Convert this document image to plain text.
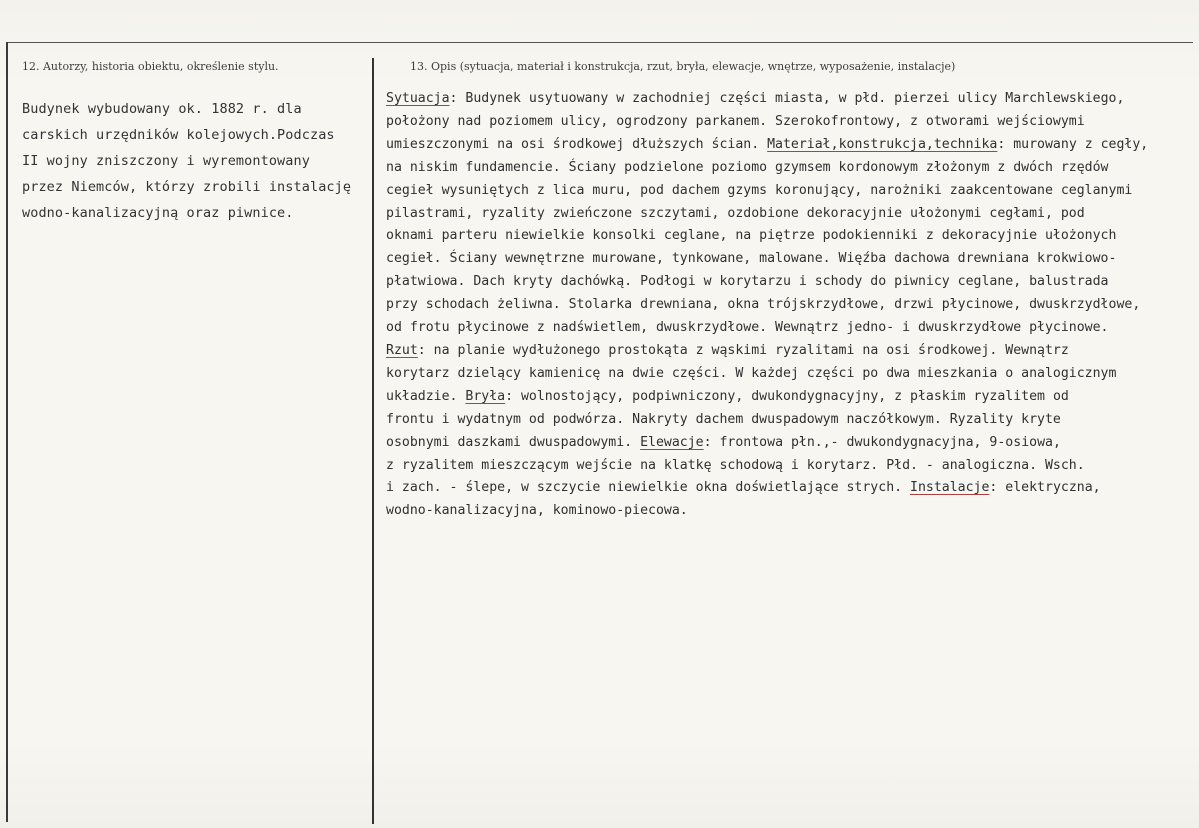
12. Autorzy, historia obiektu, określenie stylu.	13. Opis (sytuacja, materiał i konstrukcja, rzut, bryła, elewacje, wnętrze, wyposażenie, instalacje)
Budynek wybudowany ok. 1882 r. dla
carskich urzędników kolejowych.Podczas
II wojny zniszczony i wyremontowany
przez Niemców, którzy zrobili instalację
wodno-kanalizacyjną oraz piwnice.
Sytuacja: Budynek usytuowany w zachodniej części miasta, w płd. pierzei ulicy Marchlewskiego,
położony nad poziomem ulicy, ogrodzony parkanem. Szerokofrontowy, z otworami wejściowymi
umieszczonymi na osi środkowej dłuższych ścian. Materiał,konstrukcja,technika: murowany z cegły,
na niskim fundamencie. Ściany podzielone poziomo gzymsem kordonowym złożonym z dwóch rzędów
cegieł wysuniętych z lica muru, pod dachem gzyms koronujący, narożniki zaakcentowane ceglanymi
pilastrami, ryzality zwieńczone szczytami, ozdobione dekoracyjnie ułożonymi cegłami, pod
oknami parteru niewielkie konsolki ceglane, na piętrze podokienniki z dekoracyjnie ułożonych
cegieł. Ściany wewnętrzne murowane, tynkowane, malowane. Więźba dachowa drewniana krokwiowo-
płatwiowa. Dach kryty dachówką. Podłogi w korytarzu i schody do piwnicy ceglane, balustrada
przy schodach żeliwna. Stolarka drewniana, okna trójskrzydłowe, drzwi płycinowe, dwuskrzydłowe,
od frotu płycinowe z nadświetlem, dwuskrzydłowe. Wewnątrz jedno- i dwuskrzydłowe płycinowe.
Rzut: na planie wydłużonego prostokąta z wąskimi ryzalitami na osi środkowej. Wewnątrz
korytarz dzielący kamienicę na dwie części. W każdej części po dwa mieszkania o analogicznym
układzie. Bryła: wolnostojący, podpiwniczony, dwukondygnacyjny, z płaskim ryzalitem od
frontu i wydatnym od podwórza. Nakryty dachem dwuspadowym naczółkowym. Ryzality kryte
osobnymi daszkami dwuspadowymi. Elewacje: frontowa płn.,- dwukondygnacyjna, 9-osiowa,
z ryzalitem mieszczącym wejście na klatkę schodową i korytarz. Płd. - analogiczna. Wsch.
i zach. - ślepe, w szczycie niewielkie okna doświetlające strych. Instalacje: elektryczna,
wodno-kanalizacyjna, kominowo-piecowa.
